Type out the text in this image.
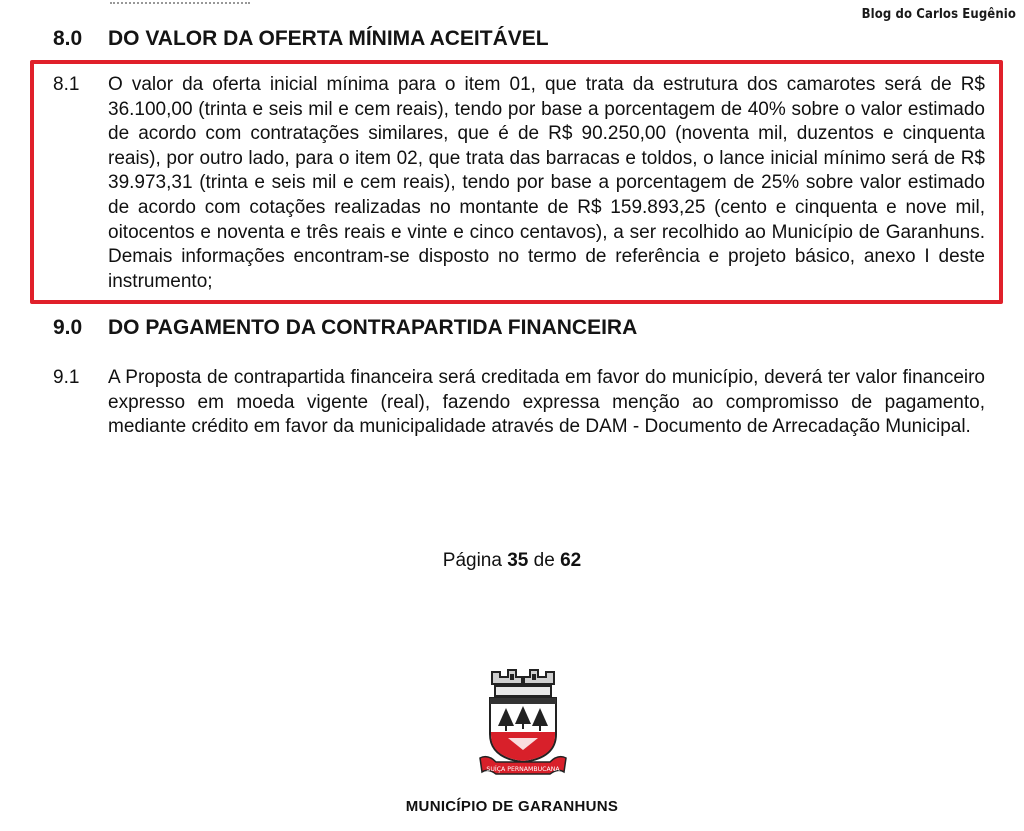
Blog do Carlos Eugênio
8.0 DO VALOR DA OFERTA MÍNIMA ACEITÁVEL
8.1 O valor da oferta inicial mínima para o item 01, que trata da estrutura dos camarotes será de R$ 36.100,00 (trinta e seis mil e cem reais), tendo por base a porcentagem de 40% sobre o valor estimado de acordo com contratações similares, que é de R$ 90.250,00 (noventa mil, duzentos e cinquenta reais), por outro lado, para o item 02, que trata das barracas e toldos, o lance inicial mínimo será de R$ 39.973,31 (trinta e seis mil e cem reais), tendo por base a porcentagem de 25% sobre valor estimado de acordo com cotações realizadas no montante de R$ 159.893,25 (cento e cinquenta e nove mil, oitocentos e noventa e três reais e vinte e cinco centavos), a ser recolhido ao Município de Garanhuns. Demais informações encontram-se disposto no termo de referência e projeto básico, anexo I deste instrumento;
9.0 DO PAGAMENTO DA CONTRAPARTIDA FINANCEIRA
9.1 A Proposta de contrapartida financeira será creditada em favor do município, deverá ter valor financeiro expresso em moeda vigente (real), fazendo expressa menção ao compromisso de pagamento, mediante crédito em favor da municipalidade através de DAM - Documento de Arrecadação Municipal.
Página 35 de 62
SUÍÇA PERNAMBUCANA
MUNICÍPIO DE GARANHUNS
